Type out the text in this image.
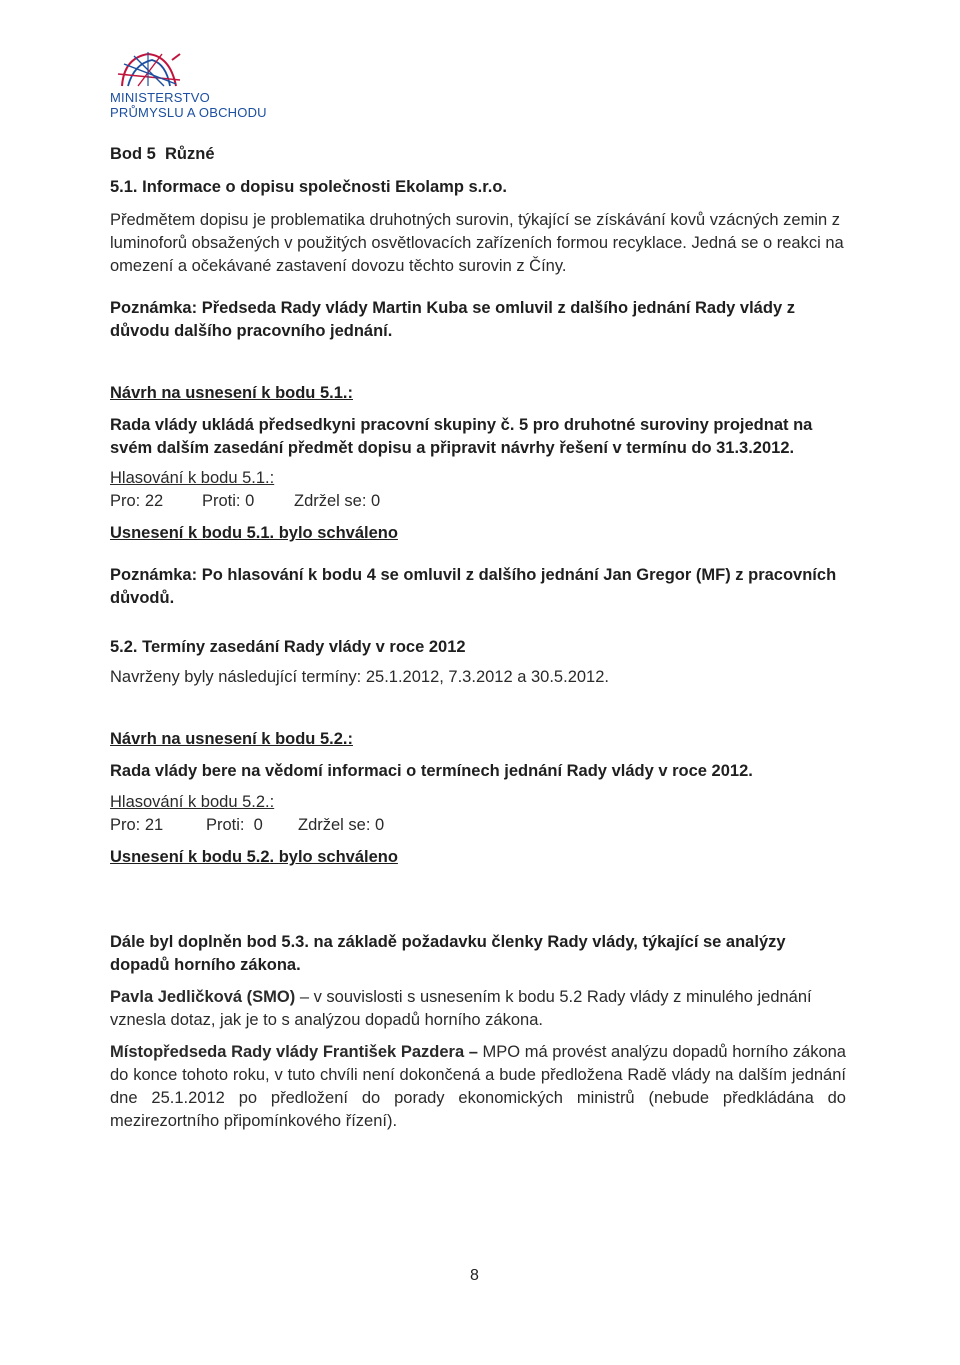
MINISTERSTVO
PRŮMYSLU A OBCHODU

Bod 5  Různé

5.1. Informace o dopisu společnosti Ekolamp s.r.o.

Předmětem dopisu je problematika druhotných surovin, týkající se získávání kovů vzácných zemin z luminoforů obsažených v použitých osvětlovacích zařízeních formou recyklace. Jedná se o reakci na omezení a očekávané zastavení dovozu těchto surovin z Číny.

Poznámka: Předseda Rady vlády Martin Kuba se omluvil z dalšího jednání Rady vlády z důvodu dalšího pracovního jednání.

Návrh na usnesení k bodu 5.1.:

Rada vlády ukládá předsedkyni pracovní skupiny č. 5 pro druhotné suroviny projednat na svém dalším zasedání předmět dopisu a připravit návrhy řešení v termínu do 31.3.2012.

Hlasování k bodu 5.1.:

Pro: 22 Proti: 0 Zdržel se: 0

Usnesení k bodu 5.1. bylo schváleno

Poznámka: Po hlasování k bodu 4 se omluvil z dalšího jednání Jan Gregor (MF) z pracovních důvodů.

5.2. Termíny zasedání Rady vlády v roce 2012

Navrženy byly následující termíny: 25.1.2012, 7.3.2012 a 30.5.2012.

Návrh na usnesení k bodu 5.2.:

Rada vlády bere na vědomí informaci o termínech jednání Rady vlády v roce 2012.

Hlasování k bodu 5.2.:

Pro: 21	Proti:  0 Zdržel se: 0

Usnesení k bodu 5.2. bylo schváleno

Dále byl doplněn bod 5.3. na základě požadavku členky Rady vlády, týkající se analýzy dopadů horního zákona.

Pavla Jedličková (SMO) – v souvislosti s usnesením k bodu 5.2 Rady vlády z minulého jednání vznesla dotaz, jak je to s analýzou dopadů horního zákona.

Místopředseda Rady vlády František Pazdera – MPO má provést analýzu dopadů horního zákona do konce tohoto roku, v tuto chvíli není dokončená a bude předložena Radě vlády na dalším jednání dne 25.1.2012 po předložení do porady ekonomických ministrů (nebude předkládána do mezirezortního připomínkového řízení).

8
